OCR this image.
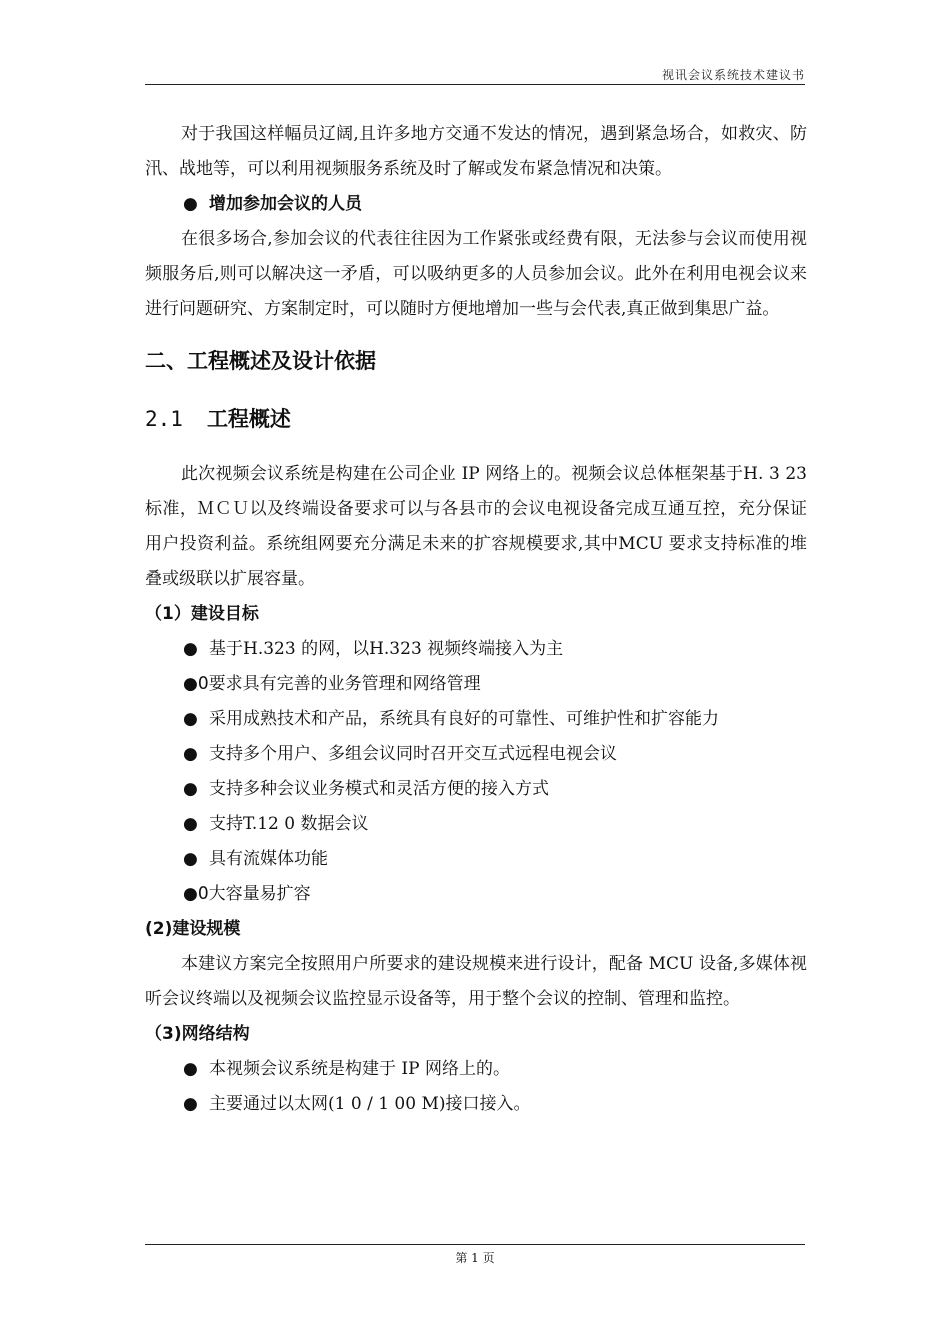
视讯会议系统技术建议书

对于我国这样幅员辽阔,且许多地方交通不发达的情况，遇到紧急场合，如救灾、防汛、战地等，可以利用视频服务系统及时了解或发布紧急情况和决策。

● 增加参加会议的人员

在很多场合,参加会议的代表往往因为工作紧张或经费有限，无法参与会议而使用视频服务后,则可以解决这一矛盾，可以吸纳更多的人员参加会议。此外在利用电视会议来进行问题研究、方案制定时，可以随时方便地增加一些与会代表,真正做到集思广益。

二、工程概述及设计依据
2.1 工程概述

此次视频会议系统是构建在公司企业 IP 网络上的。视频会议总体框架基于H. 3 23标准，ＭＣＵ以及终端设备要求可以与各县市的会议电视设备完成互通互控，充分保证用户投资利益。系统组网要充分满足未来的扩容规模要求,其中MCU 要求支持标准的堆叠或级联以扩展容量。

（1）建设目标

● 基于H.323 的网，以H.323 视频终端接入为主

●߀要求具有完善的业务管理和网络管理

● 采用成熟技术和产品，系统具有良好的可靠性、可维护性和扩容能力

● 支持多个用户、多组会议同时召开交互式远程电视会议

● 支持多种会议业务模式和灵活方便的接入方式

● 支持T.12 0 数据会议

● 具有流媒体功能

●߀大容量易扩容

(2)建设规模

本建议方案完全按照用户所要求的建设规模来进行设计，配备 MCU 设备,多媒体视听会议终端以及视频会议监控显示设备等，用于整个会议的控制、管理和监控。

（3)网络结构

● 本视频会议系统是构建于 IP 网络上的。

● 主要通过以太网(1 0 / 1 00 M)接口接入。

第 1 页
